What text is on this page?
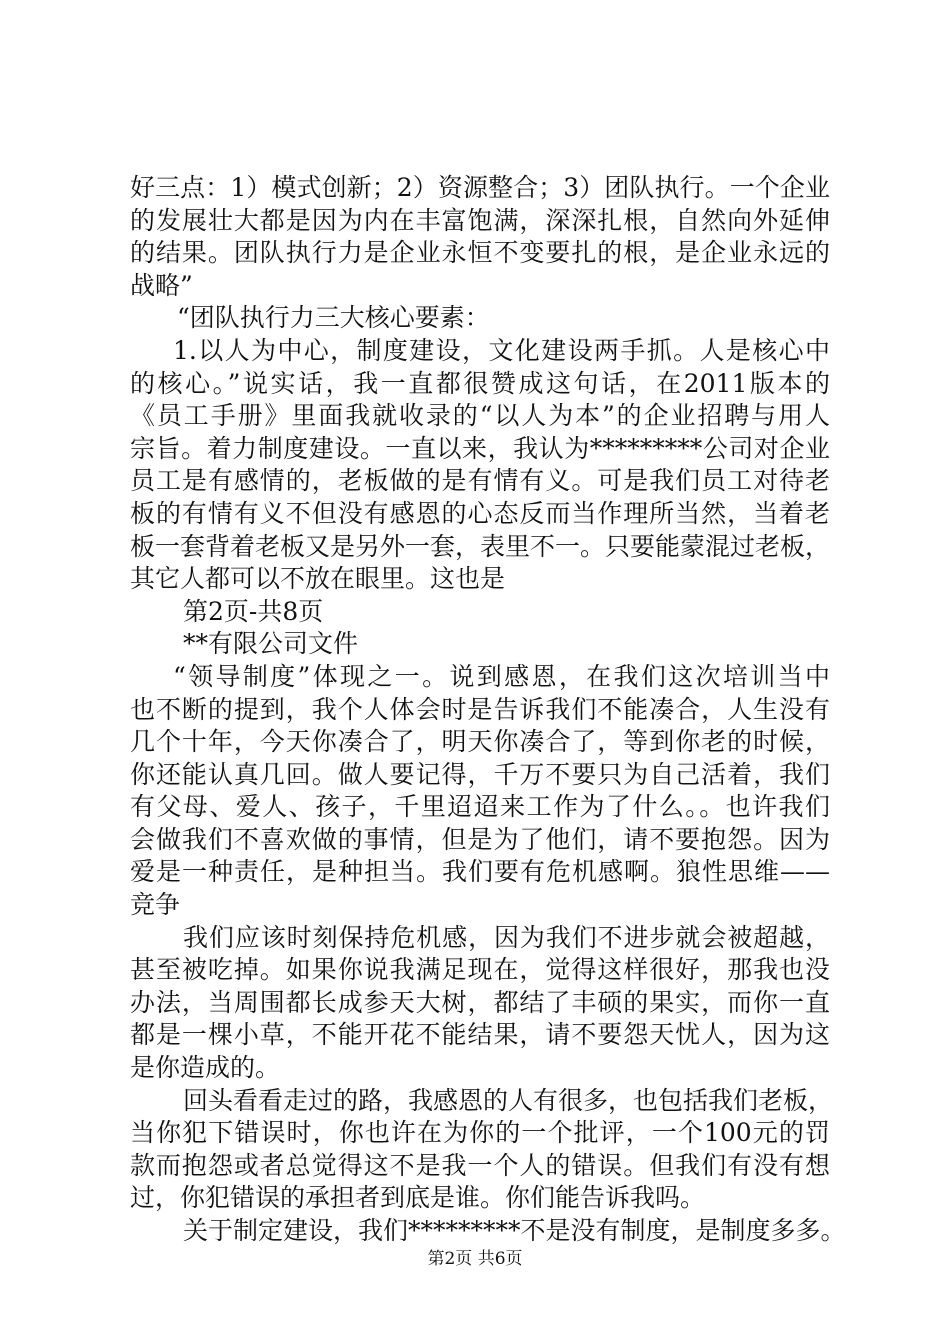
好三点：1）模式创新；2）资源整合；3）团队执行。一个企业
的发展壮大都是因为内在丰富饱满，深深扎根，自然向外延伸
的结果。团队执行力是企业永恒不变要扎的根，是企业永远的
战略”
“团队执行力三大核心要素：
1.以人为中心，制度建设，文化建设两手抓。人是核心中
的核心。”说实话，我一直都很赞成这句话，在2011版本的
《员工手册》里面我就收录的“以人为本”的企业招聘与用人
宗旨。着力制度建设。一直以来，我认为*********公司对企业
员工是有感情的，老板做的是有情有义。可是我们员工对待老
板的有情有义不但没有感恩的心态反而当作理所当然，当着老
板一套背着老板又是另外一套，表里不一。只要能蒙混过老板，
其它人都可以不放在眼里。这也是
第2页-共8页
**有限公司文件
“领导制度”体现之一。说到感恩，在我们这次培训当中
也不断的提到，我个人体会时是告诉我们不能凑合，人生没有
几个十年，今天你凑合了，明天你凑合了，等到你老的时候，
你还能认真几回。做人要记得，千万不要只为自己活着，我们
有父母、爱人、孩子，千里迢迢来工作为了什么。。也许我们
会做我们不喜欢做的事情，但是为了他们，请不要抱怨。因为
爱是一种责任，是种担当。我们要有危机感啊。狼性思维——
竞争
我们应该时刻保持危机感，因为我们不进步就会被超越，
甚至被吃掉。如果你说我满足现在，觉得这样很好，那我也没
办法，当周围都长成参天大树，都结了丰硕的果实，而你一直
都是一棵小草，不能开花不能结果，请不要怨天忧人，因为这
是你造成的。
回头看看走过的路，我感恩的人有很多，也包括我们老板，
当你犯下错误时，你也许在为你的一个批评，一个100元的罚
款而抱怨或者总觉得这不是我一个人的错误。但我们有没有想
过，你犯错误的承担者到底是谁。你们能告诉我吗。
关于制定建设，我们*********不是没有制度，是制度多多。
第2页 共6页
